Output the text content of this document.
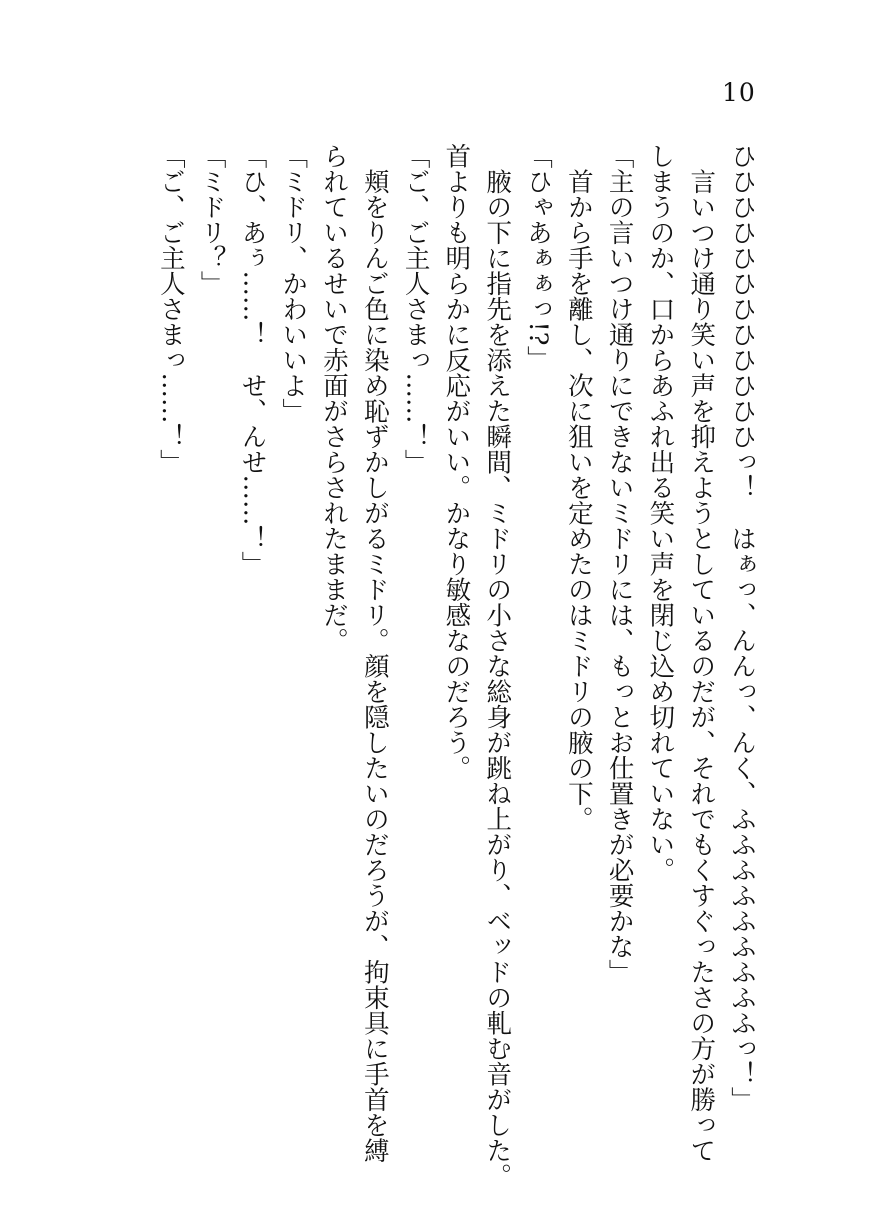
10

ひひひひひひひひひひひひっ！　はぁっ、んんっ、んく、ふふふふふふふふふっ！」

　言いつけ通り笑い声を抑えようとしているのだが、それでもくすぐったさの方が勝って

しまうのか、口からあふれ出る笑い声を閉じ込め切れていない。

「主の言いつけ通りにできないミドリには、もっとお仕置きが必要かな」

　首から手を離し、次に狙いを定めたのはミドリの腋の下。

「ひゃあぁぁっ!?」

　腋の下に指先を添えた瞬間、ミドリの小さな総身が跳ね上がり、ベッドの軋む音がした。

首よりも明らかに反応がいい。かなり敏感なのだろう。

「ご、ご主人さまっ……！」

　頬をりんご色に染め恥ずかしがるミドリ。顔を隠したいのだろうが、拘束具に手首を縛

られているせいで赤面がさらされたままだ。

「ミドリ、かわいいよ」

「ひ、あぅ……！　せ、んせ……！」

「ミドリ？」

「ご、ご主人さまっ……！」
